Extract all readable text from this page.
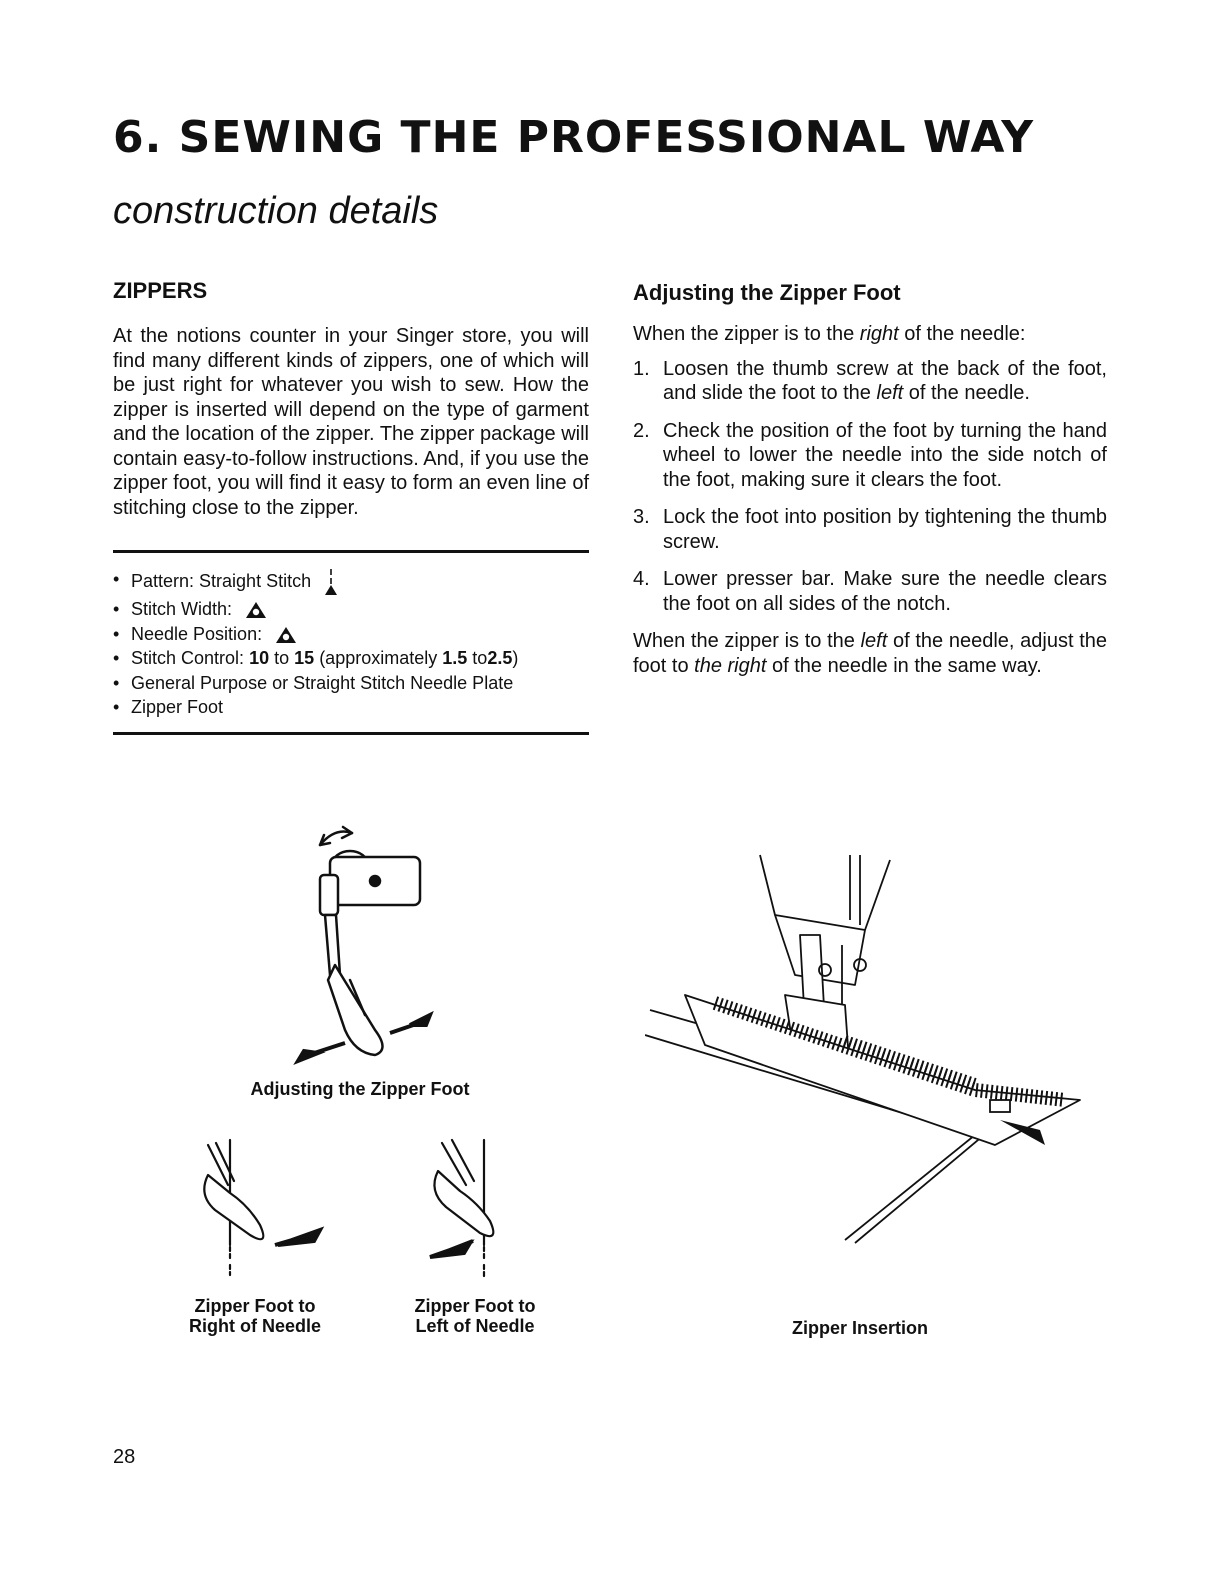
6. SEWING THE PROFESSIONAL WAY

construction details

ZIPPERS

At the notions counter in your Singer store, you will find many different kinds of zippers, one of which will be just right for whatever you wish to sew. How the zipper is inserted will depend on the type of garment and the location of the zipper. The zipper package will contain easy-to-follow instructions. And, if you use the zipper foot, you will find it easy to form an even line of stitching close to the zipper.

• Pattern: Straight Stitch
• Stitch Width:
• Needle Position:
• Stitch Control: 10 to 15 (approximately 1.5 to2.5)
• General Purpose or Straight Stitch Needle Plate
• Zipper Foot
Adjusting the Zipper Foot

When the zipper is to the right of the needle:

1. Loosen the thumb screw at the back of the foot, and slide the foot to the left of the needle.
2. Check the position of the foot by turning the hand wheel to lower the needle into the side notch of the foot, making sure it clears the foot.
3. Lock the foot into position by tightening the thumb screw.
4. Lower presser bar. Make sure the needle clears the foot on all sides of the notch.

When the zipper is to the left of the needle, adjust the foot to the right of the needle in the same way.

Adjusting the Zipper Foot
Zipper Foot to
Right of Needle
Zipper Foot to
Left of Needle	Zipper Insertion
28
